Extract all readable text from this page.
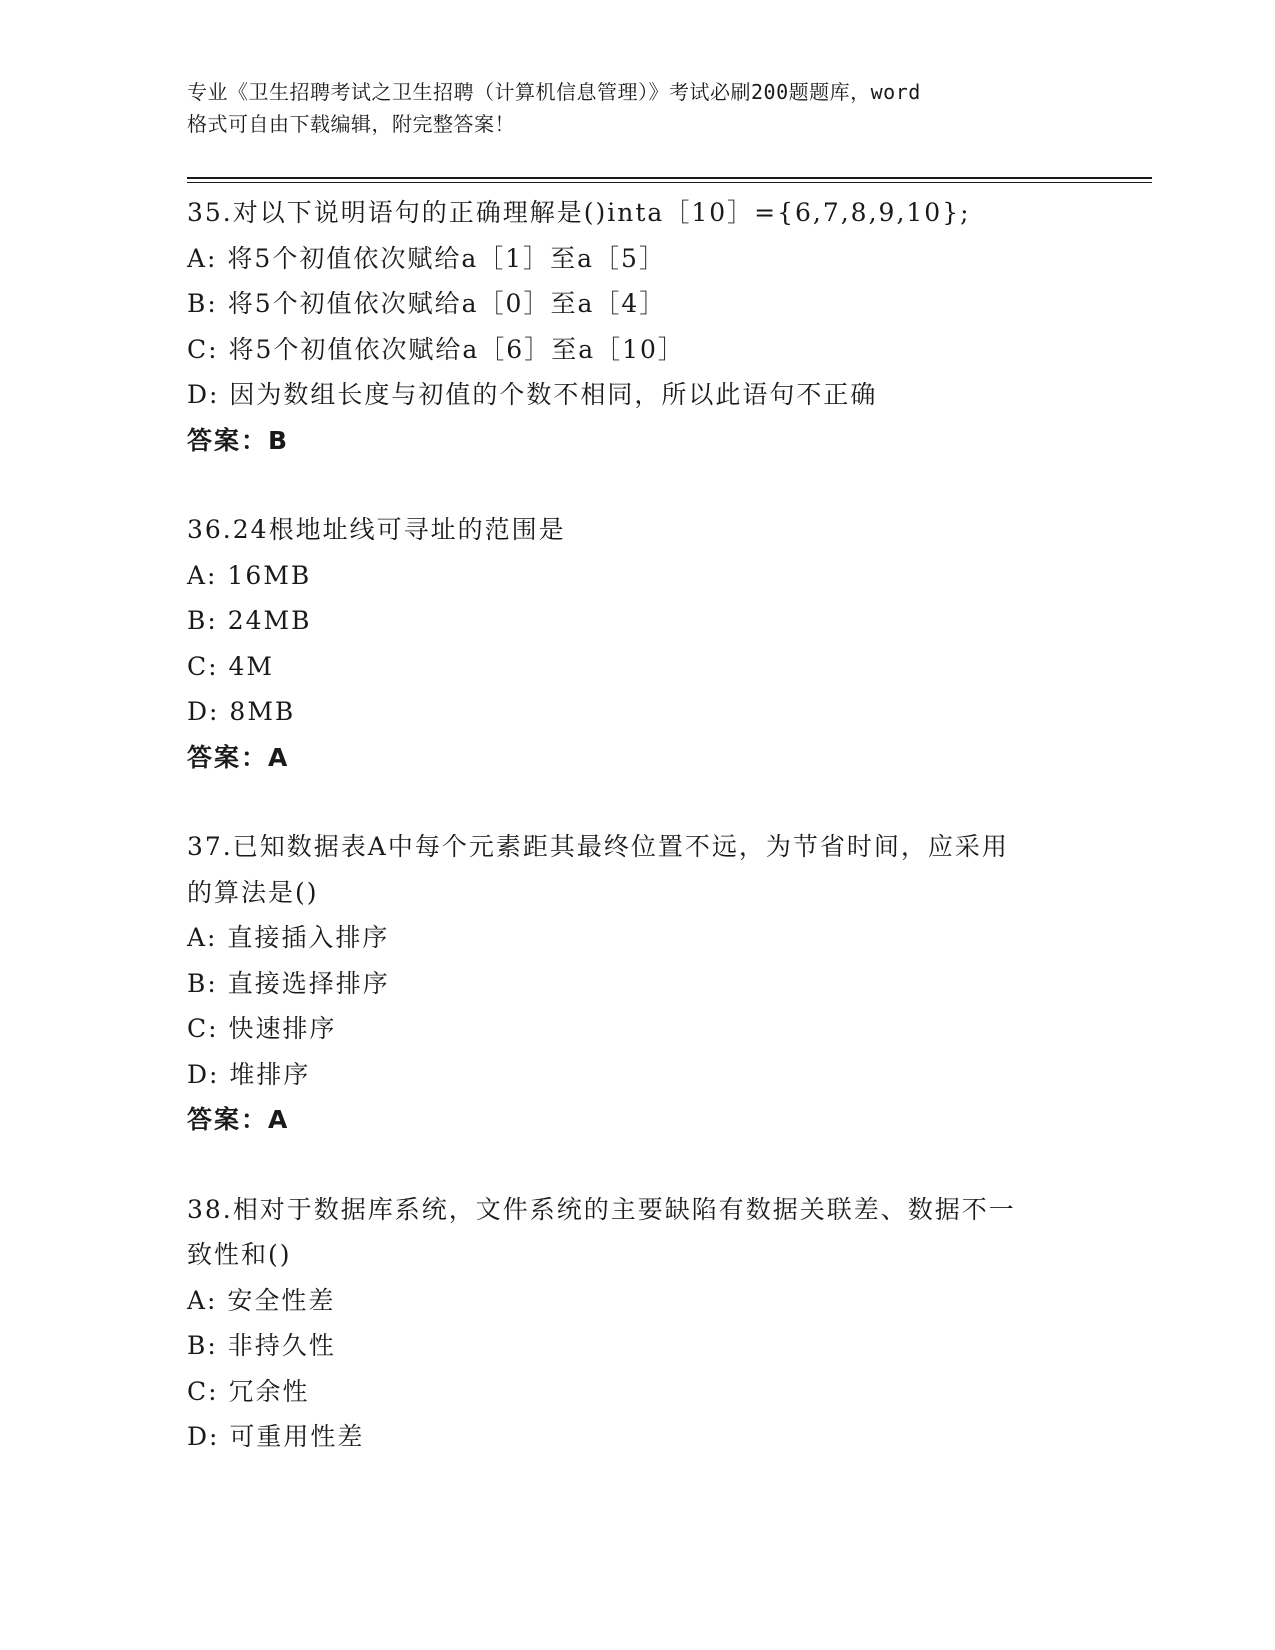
专业《卫生招聘考试之卫生招聘（计算机信息管理）》考试必刷200题题库，word
格式可自由下载编辑，附完整答案！
35.对以下说明语句的正确理解是()inta［10］={6,7,8,9,10};
A: 将5个初值依次赋给a［1］至a［5］
B: 将5个初值依次赋给a［0］至a［4］
C: 将5个初值依次赋给a［6］至a［10］
D: 因为数组长度与初值的个数不相同，所以此语句不正确
答案：B
36.24根地址线可寻址的范围是
A: 16MB
B: 24MB
C: 4M
D: 8MB
答案：A
37.已知数据表A中每个元素距其最终位置不远，为节省时间，应采用
的算法是()
A: 直接插入排序
B: 直接选择排序
C: 快速排序
D: 堆排序
答案：A
38.相对于数据库系统，文件系统的主要缺陷有数据关联差、数据不一
致性和()
A: 安全性差
B: 非持久性
C: 冗余性
D: 可重用性差
